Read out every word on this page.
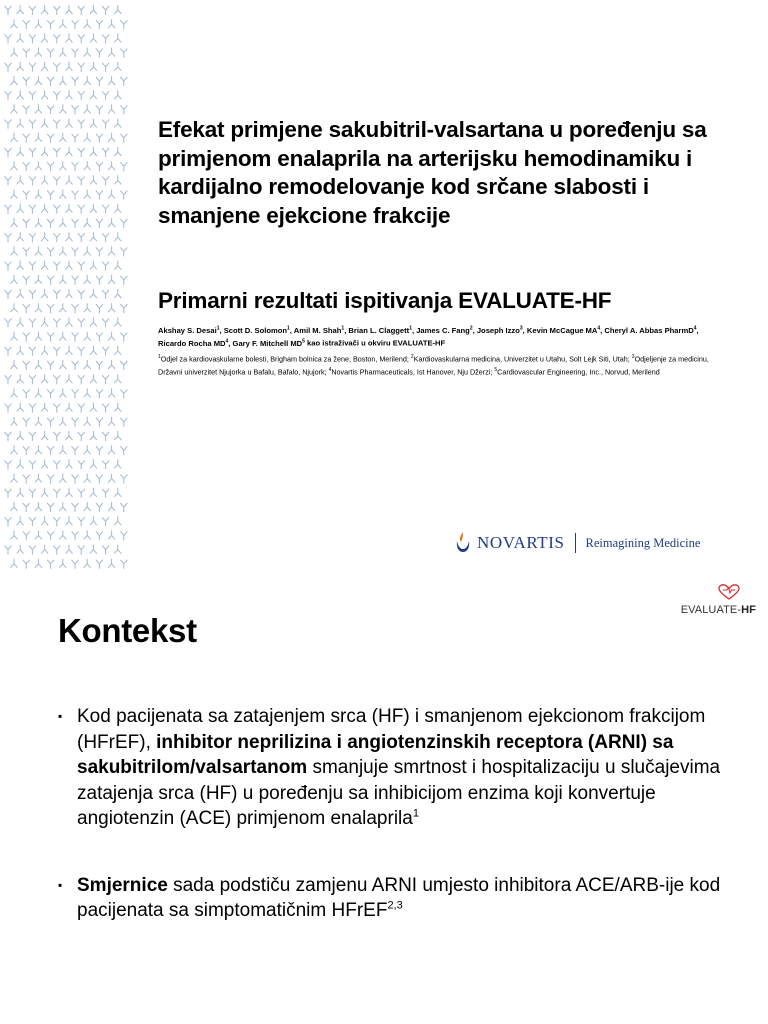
Efekat primjene sakubitril-valsartana u poređenju sa primjenom enalaprila na arterijsku hemodinamiku i kardijalno remodelovanje kod srčane slabosti i smanjene ejekcione frakcije
Primarni rezultati ispitivanja EVALUATE-HF

Akshay S. Desai$^1$, Scott D. Solomon$^1$, Amil M. Shah$^1$, Brian L. Claggett$^1$, James C. Fang$^2$, Joseph Izzo$^3$, Kevin McCague $MA^4$, Cheryl A. Abbas PharmD$^4$, Ricardo Rocha $MD^4$, Gary F. Mitchell $MD^5$ kao istraživači u okviru EVALUATE-HF

$^1$Odjel za kardiovaskularne bolesti, Brigham bolnica za žene, Boston, Merilend; $^2$Kardiovaskularna medicina, Univerzitet u Utahu, Solt Lejk Siti, Utah; $^3$Odjeljenje za medicinu, Državni univerzitet Njujorka u Bafalu, Bafalo, Njujork; $^4$Novartis Pharmaceuticals, Ist Hanover, Nju Džerzi; $^5$Cardiovascular Engineering, Inc., Norvud, Merilend

NOVARTIS Reimagining Medicine
EVALUATE-HF
Kontekst
▪ Kod pacijenata sa zatajenjem srca (HF) i smanjenom ejekcionom frakcijom (HFrEF), inhibitor neprilizina i angiotenzinskih receptora (ARNI) sa sakubitrilom/valsartanom smanjuje smrtnost i hospitalizaciju u slučajevima zatajenja srca (HF) u poređenju sa inhibicijom enzima koji konvertuje angiotenzin (ACE) primjenom enalaprila$^1$
▪ Smjernice sada podstiču zamjenu ARNI umjesto inhibitora ACE/ARB-ije kod pacijenata sa simptomatičnim HFrEF$^{2,3}$
